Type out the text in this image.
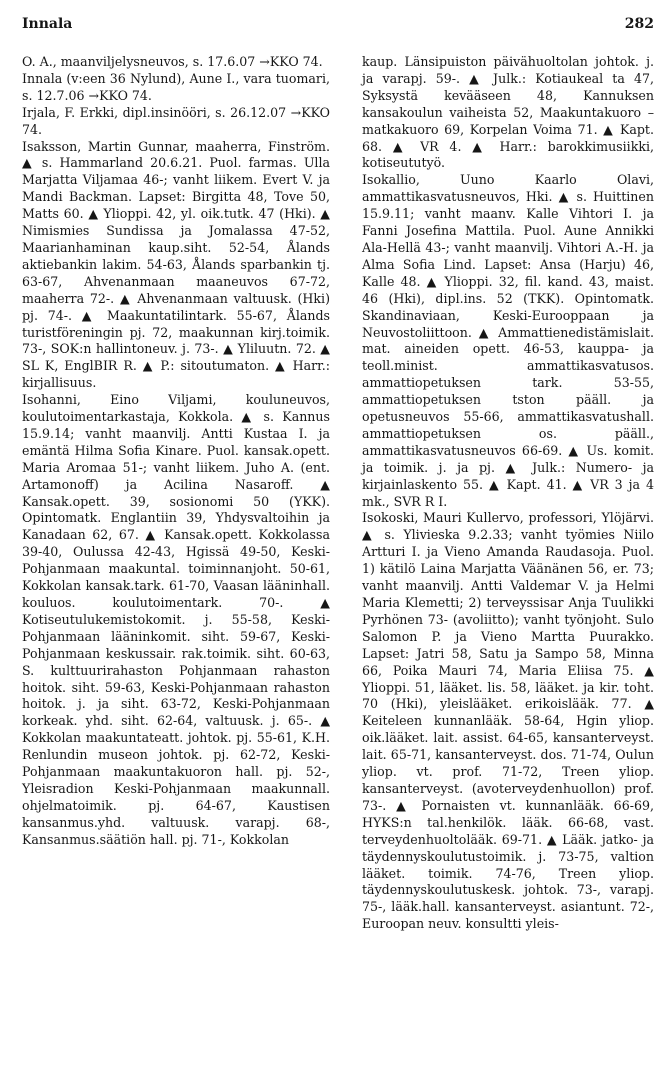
Innala	282

O. A., maanviljelysneuvos, s. 17.6.07 →KKO 74.

Innala (v:een 36 Nylund), Aune I., vara tuomari, s. 12.7.06 →KKO 74.

Irjala, F. Erkki, dipl.insinööri, s. 26.12.07 →KKO 74.

Isaksson, Martin Gunnar, maaherra, Finström. ▲ s. Hammarland 20.6.21. Puol. farmas. Ulla Marjatta Viljamaa 46-; vanht liikem. Evert V. ja Mandi Backman. Lapset: Birgitta 48, Tove 50, Matts 60. ▲ Ylioppi. 42, yl. oik.tutk. 47 (Hki). ▲ Nimismies Sundissa ja Jomalassa 47-52, Maarianhaminan kaup.siht. 52-54, Ålands aktiebankin lakim. 54-63, Ålands sparbankin tj. 63-67, Ahvenanmaan maaneuvos 67-72, maaherra 72-. ▲ Ahvenanmaan valtuusk. (Hki) pj. 74-. ▲ Maakuntatilintark. 55-67, Ålands turistföreningin pj. 72, maakunnan kirj.toimik. 73-, SOK:n hallintoneuv. j. 73-. ▲ Yliluutn. 72. ▲ SL K, EnglBIR R. ▲ P.: sitoutumaton. ▲ Harr.: kirjallisuus.

Isohanni, Eino Viljami, kouluneuvos, koulutoimentarkastaja, Kokkola. ▲ s. Kannus 15.9.14; vanht maanvilj. Antti Kustaa I. ja emäntä Hilma Sofia Kinare. Puol. kansak.opett. Maria Aromaa 51-; vanht liikem. Juho A. (ent. Artamonoff) ja Acilina Nasaroff. ▲ Kansak.opett. 39, sosionomi 50 (YKK). Opintomatk. Englantiin 39, Yhdysvaltoihin ja Kanadaan 62, 67. ▲ Kansak.opett. Kokkolassa 39-40, Oulussa 42-43, Hgissä 49-50, Keski-Pohjanmaan maakuntal. toiminnanjoht. 50-61, Kokkolan kansak.tark. 61-70, Vaasan lääninhall. kouluos. koulutoimentark. 70-. ▲ Kotiseutulukemistokomit. j. 55-58, Keski-Pohjanmaan lääninkomit. siht. 59-67, Keski-Pohjanmaan keskussair. rak.toimik. siht. 60-63, S. kulttuurirahaston Pohjanmaan rahaston hoitok. siht. 59-63, Keski-Pohjanmaan rahaston hoitok. j. ja siht. 63-72, Keski-Pohjanmaan korkeak. yhd. siht. 62-64, valtuusk. j. 65-. ▲ Kokkolan maakuntateatt. johtok. pj. 55-61, K.H. Renlundin museon johtok. pj. 62-72, Keski-Pohjanmaan maakuntakuoron hall. pj. 52-, Yleisradion Keski-Pohjanmaan maakunnall. ohjelmatoimik. pj. 64-67, Kaustisen kansanmus.yhd. valtuusk. varapj. 68-, Kansanmus.säätiön hall. pj. 71-, Kokkolan

kaup. Länsipuiston päivähuoltolan johtok. j. ja varapj. 59-. ▲ Julk.: Kotiaukeal ta 47, Syksystä kevääseen 48, Kannuksen kansakoulun vaiheista 52, Maakuntakuoro – matkakuoro 69, Korpelan Voima 71. ▲ Kapt. 68. ▲ VR 4. ▲ Harr.: barokkimusiikki, kotiseututyö.

Isokallio, Uuno Kaarlo Olavi, ammattikasvatusneuvos, Hki. ▲ s. Huittinen 15.9.11; vanht maanv. Kalle Vihtori I. ja Fanni Josefina Mattila. Puol. Aune Annikki Ala-Hellä 43-; vanht maanvilj. Vihtori A.-H. ja Alma Sofia Lind. Lapset: Ansa (Harju) 46, Kalle 48. ▲ Ylioppi. 32, fil. kand. 43, maist. 46 (Hki), dipl.ins. 52 (TKK). Opintomatk. Skandinaviaan, Keski-Eurooppaan ja Neuvostoliittoon. ▲ Ammattienedistämislait. mat. aineiden opett. 46-53, kauppa- ja teoll.minist. ammattikasvatusos. ammattiopetuksen tark. 53-55, ammattiopetuksen tston pääll. ja opetusneuvos 55-66, ammattikasvatushall. ammattiopetuksen os. pääll., ammattikasvatusneuvos 66-69. ▲ Us. komit. ja toimik. j. ja pj. ▲ Julk.: Numero- ja kirjainlaskento 55. ▲ Kapt. 41. ▲ VR 3 ja 4 mk., SVR R I.

Isokoski, Mauri Kullervo, professori, Ylöjärvi. ▲ s. Ylivieska 9.2.33; vanht työmies Niilo Artturi I. ja Vieno Amanda Raudasoja. Puol. 1) kätilö Laina Marjatta Väänänen 56, er. 73; vanht maanvilj. Antti Valdemar V. ja Helmi Maria Klemetti; 2) terveyssisar Anja Tuulikki Pyrhönen 73- (avoliitto); vanht työnjoht. Sulo Salomon P. ja Vieno Martta Puurakko. Lapset: Jatri 58, Satu ja Sampo 58, Minna 66, Poika Mauri 74, Maria Eliisa 75. ▲ Ylioppi. 51, lääket. lis. 58, lääket. ja kir. toht. 70 (Hki), yleislääket. erikoislääk. 77. ▲ Keiteleen kunnanlääk. 58-64, Hgin yliop. oik.lääket. lait. assist. 64-65, kansanterveyst. lait. 65-71, kansanterveyst. dos. 71-74, Oulun yliop. vt. prof. 71-72, Treen yliop. kansanterveyst. (avoterveydenhuollon) prof. 73-. ▲ Pornaisten vt. kunnanlääk. 66-69, HYKS:n tal.henkilök. lääk. 66-68, vast. terveydenhuoltolääk. 69-71. ▲ Lääk. jatko- ja täydennyskoulutustoimik. j. 73-75, valtion lääket. toimik. 74-76, Treen yliop. täydennyskoulutuskesk. johtok. 73-, varapj. 75-, lääk.hall. kansanterveyst. asiantunt. 72-, Euroopan neuv. konsultti yleis-
